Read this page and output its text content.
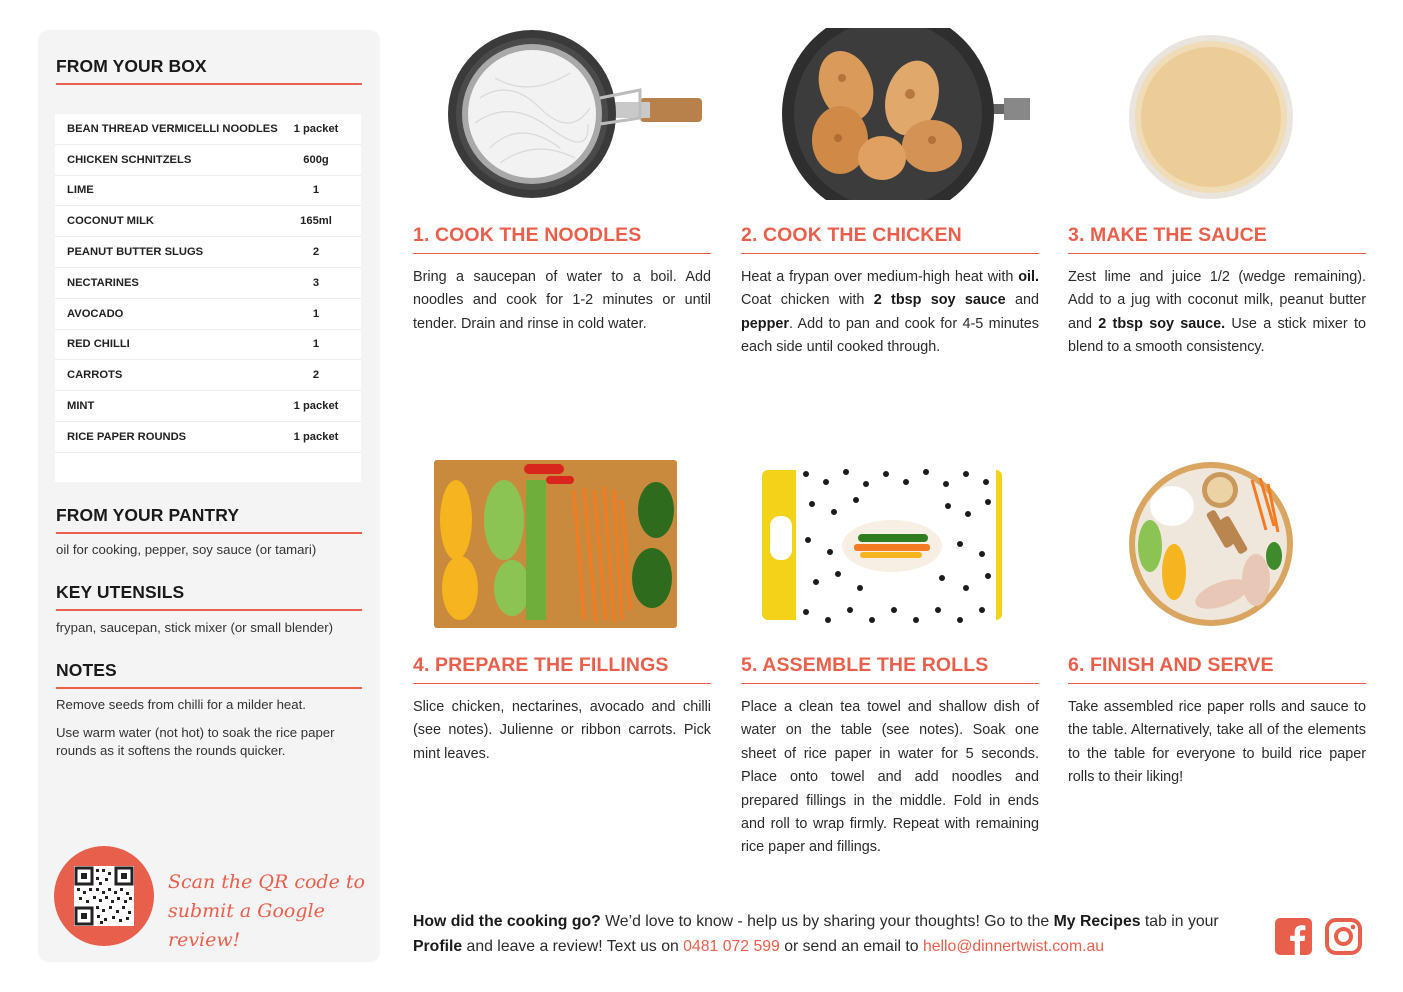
FROM YOUR BOX
BEAN THREAD VERMICELLI NOODLES	1 packet
CHICKEN SCHNITZELS	600g
LIME	1
COCONUT MILK	165ml
PEANUT BUTTER SLUGS	2
NECTARINES	3
AVOCADO	1
RED CHILLI	1
CARROTS	2
MINT	1 packet
RICE PAPER ROUNDS	1 packet
FROM YOUR PANTRY
oil for cooking, pepper, soy sauce (or tamari)
KEY UTENSILS
frypan, saucepan, stick mixer (or small blender)
NOTES
Remove seeds from chilli for a milder heat.
Use warm water (not hot) to soak the rice paper rounds as it softens the rounds quicker.
Scan the QR code to
submit a Google review!
1. COOK THE NOODLES
Bring a saucepan of water to a boil. Add noodles and cook for 1-2 minutes or until tender. Drain and rinse in cold water.
2. COOK THE CHICKEN
Heat a frypan over medium-high heat with oil. Coat chicken with 2 tbsp soy sauce and pepper. Add to pan and cook for 4-5 minutes each side until cooked through.
3. MAKE THE SAUCE
Zest lime and juice 1/2 (wedge remaining). Add to a jug with coconut milk, peanut butter and 2 tbsp soy sauce. Use a stick mixer to blend to a smooth consistency.
4. PREPARE THE FILLINGS
Slice chicken, nectarines, avocado and chilli (see notes). Julienne or ribbon carrots. Pick mint leaves.
5. ASSEMBLE THE ROLLS
Place a clean tea towel and shallow dish of water on the table (see notes). Soak one sheet of rice paper in water for 5 seconds. Place onto towel and add noodles and prepared fillings in the middle. Fold in ends and roll to wrap firmly. Repeat with remaining rice paper and fillings.
6. FINISH AND SERVE
Take assembled rice paper rolls and sauce to the table. Alternatively, take all of the elements to the table for everyone to build rice paper rolls to their liking!
How did the cooking go? We’d love to know - help us by sharing your thoughts! Go to the My Recipes tab in your Profile and leave a review! Text us on 0481 072 599 or send an email to hello@dinnertwist.com.au
